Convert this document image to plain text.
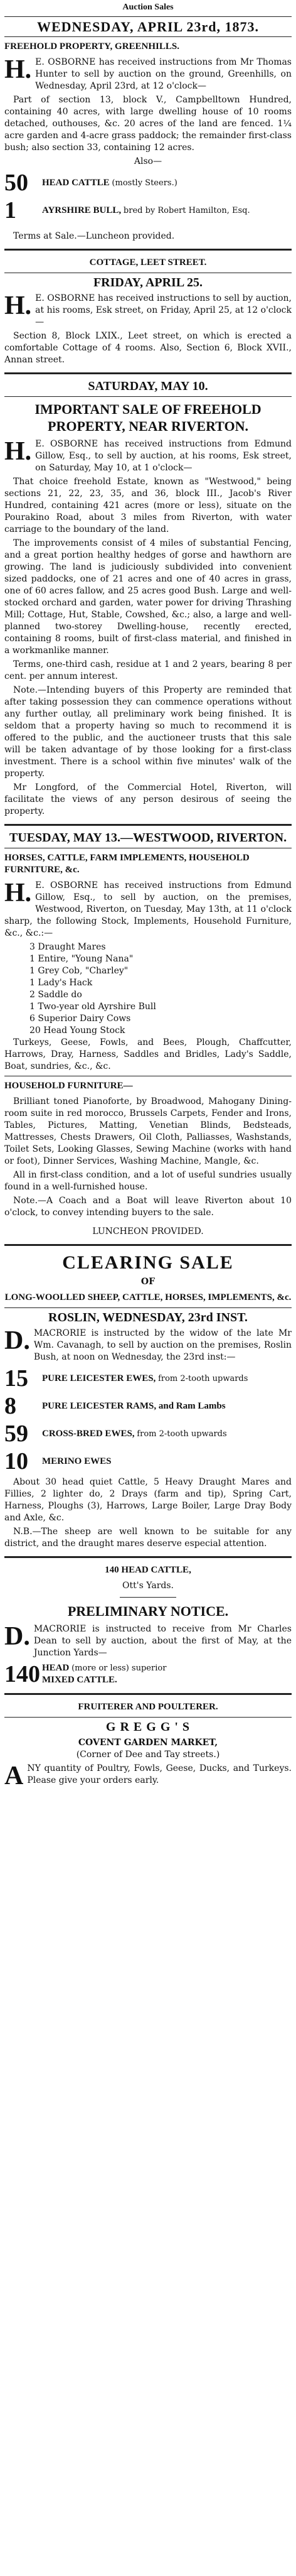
Auction Sales
WEDNESDAY, APRIL 23rd, 1873.
FREEHOLD PROPERTY, GREENHILLS.
H. E. OSBORNE has received instructions from Mr Thomas Hunter to sell by auction on the ground, Greenhills, on Wednesday, April 23rd, at 12 o'clock—

Part of section 13, block V., Campbelltown Hundred, containing 40 acres, with large dwelling house of 10 rooms detached, outhouses, &c. 20 acres of the land are fenced. 1¼ acre garden and 4-acre grass paddock; the remainder first-class bush; also section 33, containing 12 acres.

Also—

50	HEAD CATTLE (mostly Steers.)
1	AYRSHIRE BULL, bred by Robert Hamilton, Esq.

Terms at Sale.—Luncheon provided.

COTTAGE, LEET STREET.
FRIDAY, APRIL 25.
H. E. OSBORNE has received instructions to sell by auction, at his rooms, Esk street, on Friday, April 25, at 12 o'clock—

Section 8, Block LXIX., Leet street, on which is erected a comfortable Cottage of 4 rooms. Also, Section 6, Block XVII., Annan street.

SATURDAY, MAY 10.
IMPORTANT SALE OF FREEHOLD PROPERTY, NEAR RIVERTON.
H. E. OSBORNE has received instructions from Edmund Gillow, Esq., to sell by auction, at his rooms, Esk street, on Saturday, May 10, at 1 o'clock—

That choice freehold Estate, known as "Westwood," being sections 21, 22, 23, 35, and 36, block III., Jacob's River Hundred, containing 421 acres (more or less), situate on the Pourakino Road, about 3 miles from Riverton, with water carriage to the boundary of the land.

The improvements consist of 4 miles of substantial Fencing, and a great portion healthy hedges of gorse and hawthorn are growing. The land is judiciously subdivided into convenient sized paddocks, one of 21 acres and one of 40 acres in grass, one of 60 acres fallow, and 25 acres good Bush. Large and well-stocked orchard and garden, water power for driving Thrashing Mill; Cottage, Hut, Stable, Cowshed, &c.; also, a large and well-planned two-storey Dwelling-house, recently erected, containing 8 rooms, built of first-class material, and finished in a workmanlike manner.

Terms, one-third cash, residue at 1 and 2 years, bearing 8 per cent. per annum interest.

Note.—Intending buyers of this Property are reminded that after taking possession they can commence operations without any further outlay, all preliminary work being finished. It is seldom that a property having so much to recommend it is offered to the public, and the auctioneer trusts that this sale will be taken advantage of by those looking for a first-class investment. There is a school within five minutes' walk of the property.

Mr Longford, of the Commercial Hotel, Riverton, will facilitate the views of any person desirous of seeing the property.

TUESDAY, MAY 13.—WESTWOOD, RIVERTON.
HORSES, CATTLE, FARM IMPLEMENTS, HOUSEHOLD FURNITURE, &c.
H. E. OSBORNE has received instructions from Edmund Gillow, Esq., to sell by auction, on the premises, Westwood, Riverton, on Tuesday, May 13th, at 11 o'clock sharp, the following Stock, Implements, Household Furniture, &c., &c.:—

3 Draught Mares

1 Entire, "Young Nana"

1 Grey Cob, "Charley"

1 Lady's Hack

2 Saddle do

1 Two-year old Ayrshire Bull

6 Superior Dairy Cows

20 Head Young Stock

Turkeys, Geese, Fowls, and Bees, Plough, Chaffcutter, Harrows, Dray, Harness, Saddles and Bridles, Lady's Saddle, Boat, sundries, &c., &c.

HOUSEHOLD FURNITURE—

Brilliant toned Pianoforte, by Broadwood, Mahogany Dining-room suite in red morocco, Brussels Carpets, Fender and Irons, Tables, Pictures, Matting, Venetian Blinds, Bedsteads, Mattresses, Chests Drawers, Oil Cloth, Palliasses, Washstands, Toilet Sets, Looking Glasses, Sewing Machine (works with hand or foot), Dinner Services, Washing Machine, Mangle, &c.

All in first-class condition, and a lot of useful sundries usually found in a well-furnished house.

Note.—A Coach and a Boat will leave Riverton about 10 o'clock, to convey intending buyers to the sale.

LUNCHEON PROVIDED.

CLEARING SALE
OF
LONG-WOOLLED SHEEP, CATTLE, HORSES, IMPLEMENTS, &c.
ROSLIN, WEDNESDAY, 23rd INST.
D. MACRORIE is instructed by the widow of the late Mr Wm. Cavanagh, to sell by auction on the premises, Roslin Bush, at noon on Wednesday, the 23rd inst:—

15	PURE LEICESTER EWES, from 2-tooth upwards
8	PURE LEICESTER RAMS, and Ram Lambs
59	CROSS-BRED EWES, from 2-tooth upwards
10	MERINO EWES

About 30 head quiet Cattle, 5 Heavy Draught Mares and Fillies, 2 lighter do, 2 Drays (farm and tip), Spring Cart, Harness, Ploughs (3), Harrows, Large Boiler, Large Dray Body and Axle, &c.

N.B.—The sheep are well known to be suitable for any district, and the draught mares deserve especial attention.

140 HEAD CATTLE,

Ott's Yards.

PRELIMINARY NOTICE.
D. MACRORIE is instructed to receive from Mr Charles Dean to sell by auction, about the first of May, at the Junction Yards—

140 HEAD (more or less) superior
MIXED CATTLE.
FRUITERER AND POULTERER.
G R E G G ' S
COVENT GARDEN MARKET,

(Corner of Dee and Tay streets.)

A NY quantity of Poultry, Fowls, Geese, Ducks, and Turkeys. Please give your orders early.
